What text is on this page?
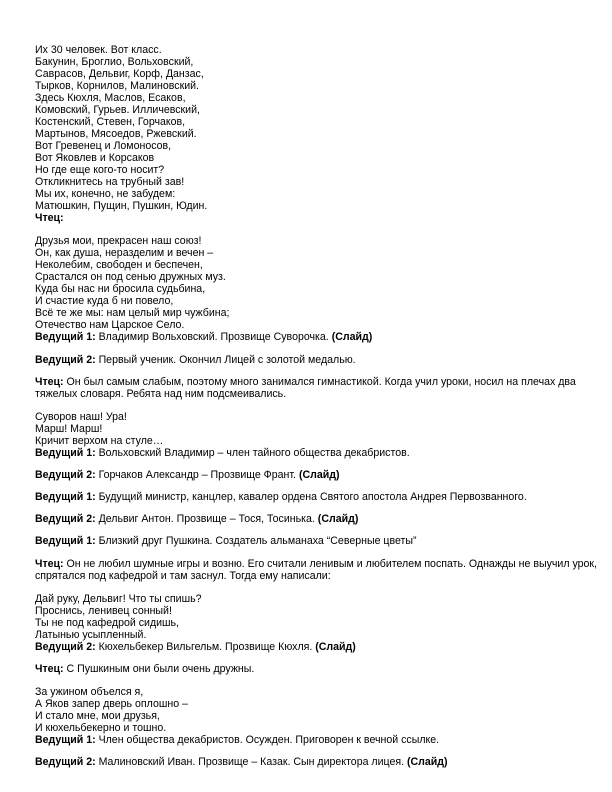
Их 30 человек. Вот класс.
Бакунин, Броглио, Вольховский,
Саврасов, Дельвиг, Корф, Данзас,
Тырков, Корнилов, Малиновский.
Здесь Кюхля, Маслов, Есаков,
Комовский, Гурьев. Илличевский,
Костенский, Стевен, Горчаков,
Мартынов, Мясоедов, Ржевский.
Вот Гревенец и Ломоносов,
Вот Яковлев и Корсаков
Но где еще кого-то носит?
Откликнитесь на трубный зав!
Мы их, конечно, не забудем:
Матюшкин, Пущин, Пушкин, Юдин.
Чтец:
Друзья мои, прекрасен наш союз!
Он, как душа, неразделим и вечен –
Неколебим, свободен и беспечен,
Срастался он под сенью дружных муз.
Куда бы нас ни бросила судьбина,
И счастие куда б ни повело,
Всё те же мы: нам целый мир чужбина;
Отечество нам Царское Село.
Ведущий 1: Владимир Вольховский. Прозвище Суворочка. (Слайд)
Ведущий 2: Первый ученик. Окончил Лицей с золотой медалью.
Чтец: Он был самым слабым, поэтому много занимался гимнастикой. Когда учил уроки, носил на плечах два
тяжелых словаря. Ребята над ним подсмеивались.
Суворов наш! Ура!
Марш! Марш!
Кричит верхом на стуле…
Ведущий 1: Вольховский Владимир – член тайного общества декабристов.
Ведущий 2: Горчаков Александр – Прозвище Франт. (Слайд)
Ведущий 1: Будущий министр, канцлер, кавалер ордена Святого апостола Андрея Первозванного.
Ведущий 2: Дельвиг Антон. Прозвище – Тося, Тосинька. (Слайд)
Ведущий 1: Близкий друг Пушкина. Создатель альманаха “Северные цветы”
Чтец: Он не любил шумные игры и возню. Его считали ленивым и любителем поспать. Однажды не выучил урок,
спрятался под кафедрой и там заснул. Тогда ему написали:
Дай руку, Дельвиг! Что ты спишь?
Проснись, ленивец сонный!
Ты не под кафедрой сидишь,
Латынью усыпленный.
Ведущий 2: Кюхельбекер Вильгельм. Прозвище Кюхля. (Слайд)
Чтец: С Пушкиным они были очень дружны.
За ужином объелся я,
А Яков запер дверь оплошно –
И стало мне, мои друзья,
И кюхельбекерно и тошно.
Ведущий 1: Член общества декабристов. Осужден. Приговорен к вечной ссылке.
Ведущий 2: Малиновский Иван. Прозвище – Казак. Сын директора лицея. (Слайд)
